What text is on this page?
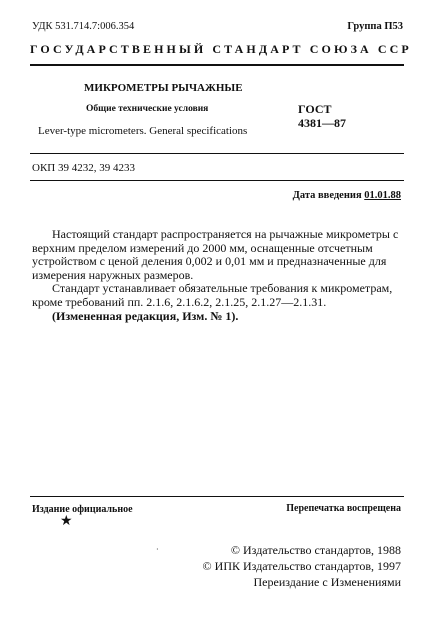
УДК 531.714.7:006.354	Группа П53
ГОСУДАРСТВЕННЫЙ СТАНДАРТ СОЮЗА ССР
МИКРОМЕТРЫ РЫЧАЖНЫЕ
Общие технические условия
Lever-type micrometers. General specifications
ГОСТ
4381—87
ОКП 39 4232, 39 4233
Дата введения 01.01.88

Настоящий стандарт распространяется на рычажные микрометры с верхним пределом измерений до 2000 мм, оснащенные отсчетным устройством с ценой деления 0,002 и 0,01 мм и предназначенные для измерения наружных размеров.

Стандарт устанавливает обязательные требования к микрометрам, кроме требований пп. 2.1.6, 2.1.6.2, 2.1.25, 2.1.27—2.1.31.

(Измененная редакция, Изм. № 1).

Издание официальное
★
Перепечатка воспрещена
·	© Издательство стандартов, 1988
© ИПК Издательство стандартов, 1997
Переиздание с Изменениями
